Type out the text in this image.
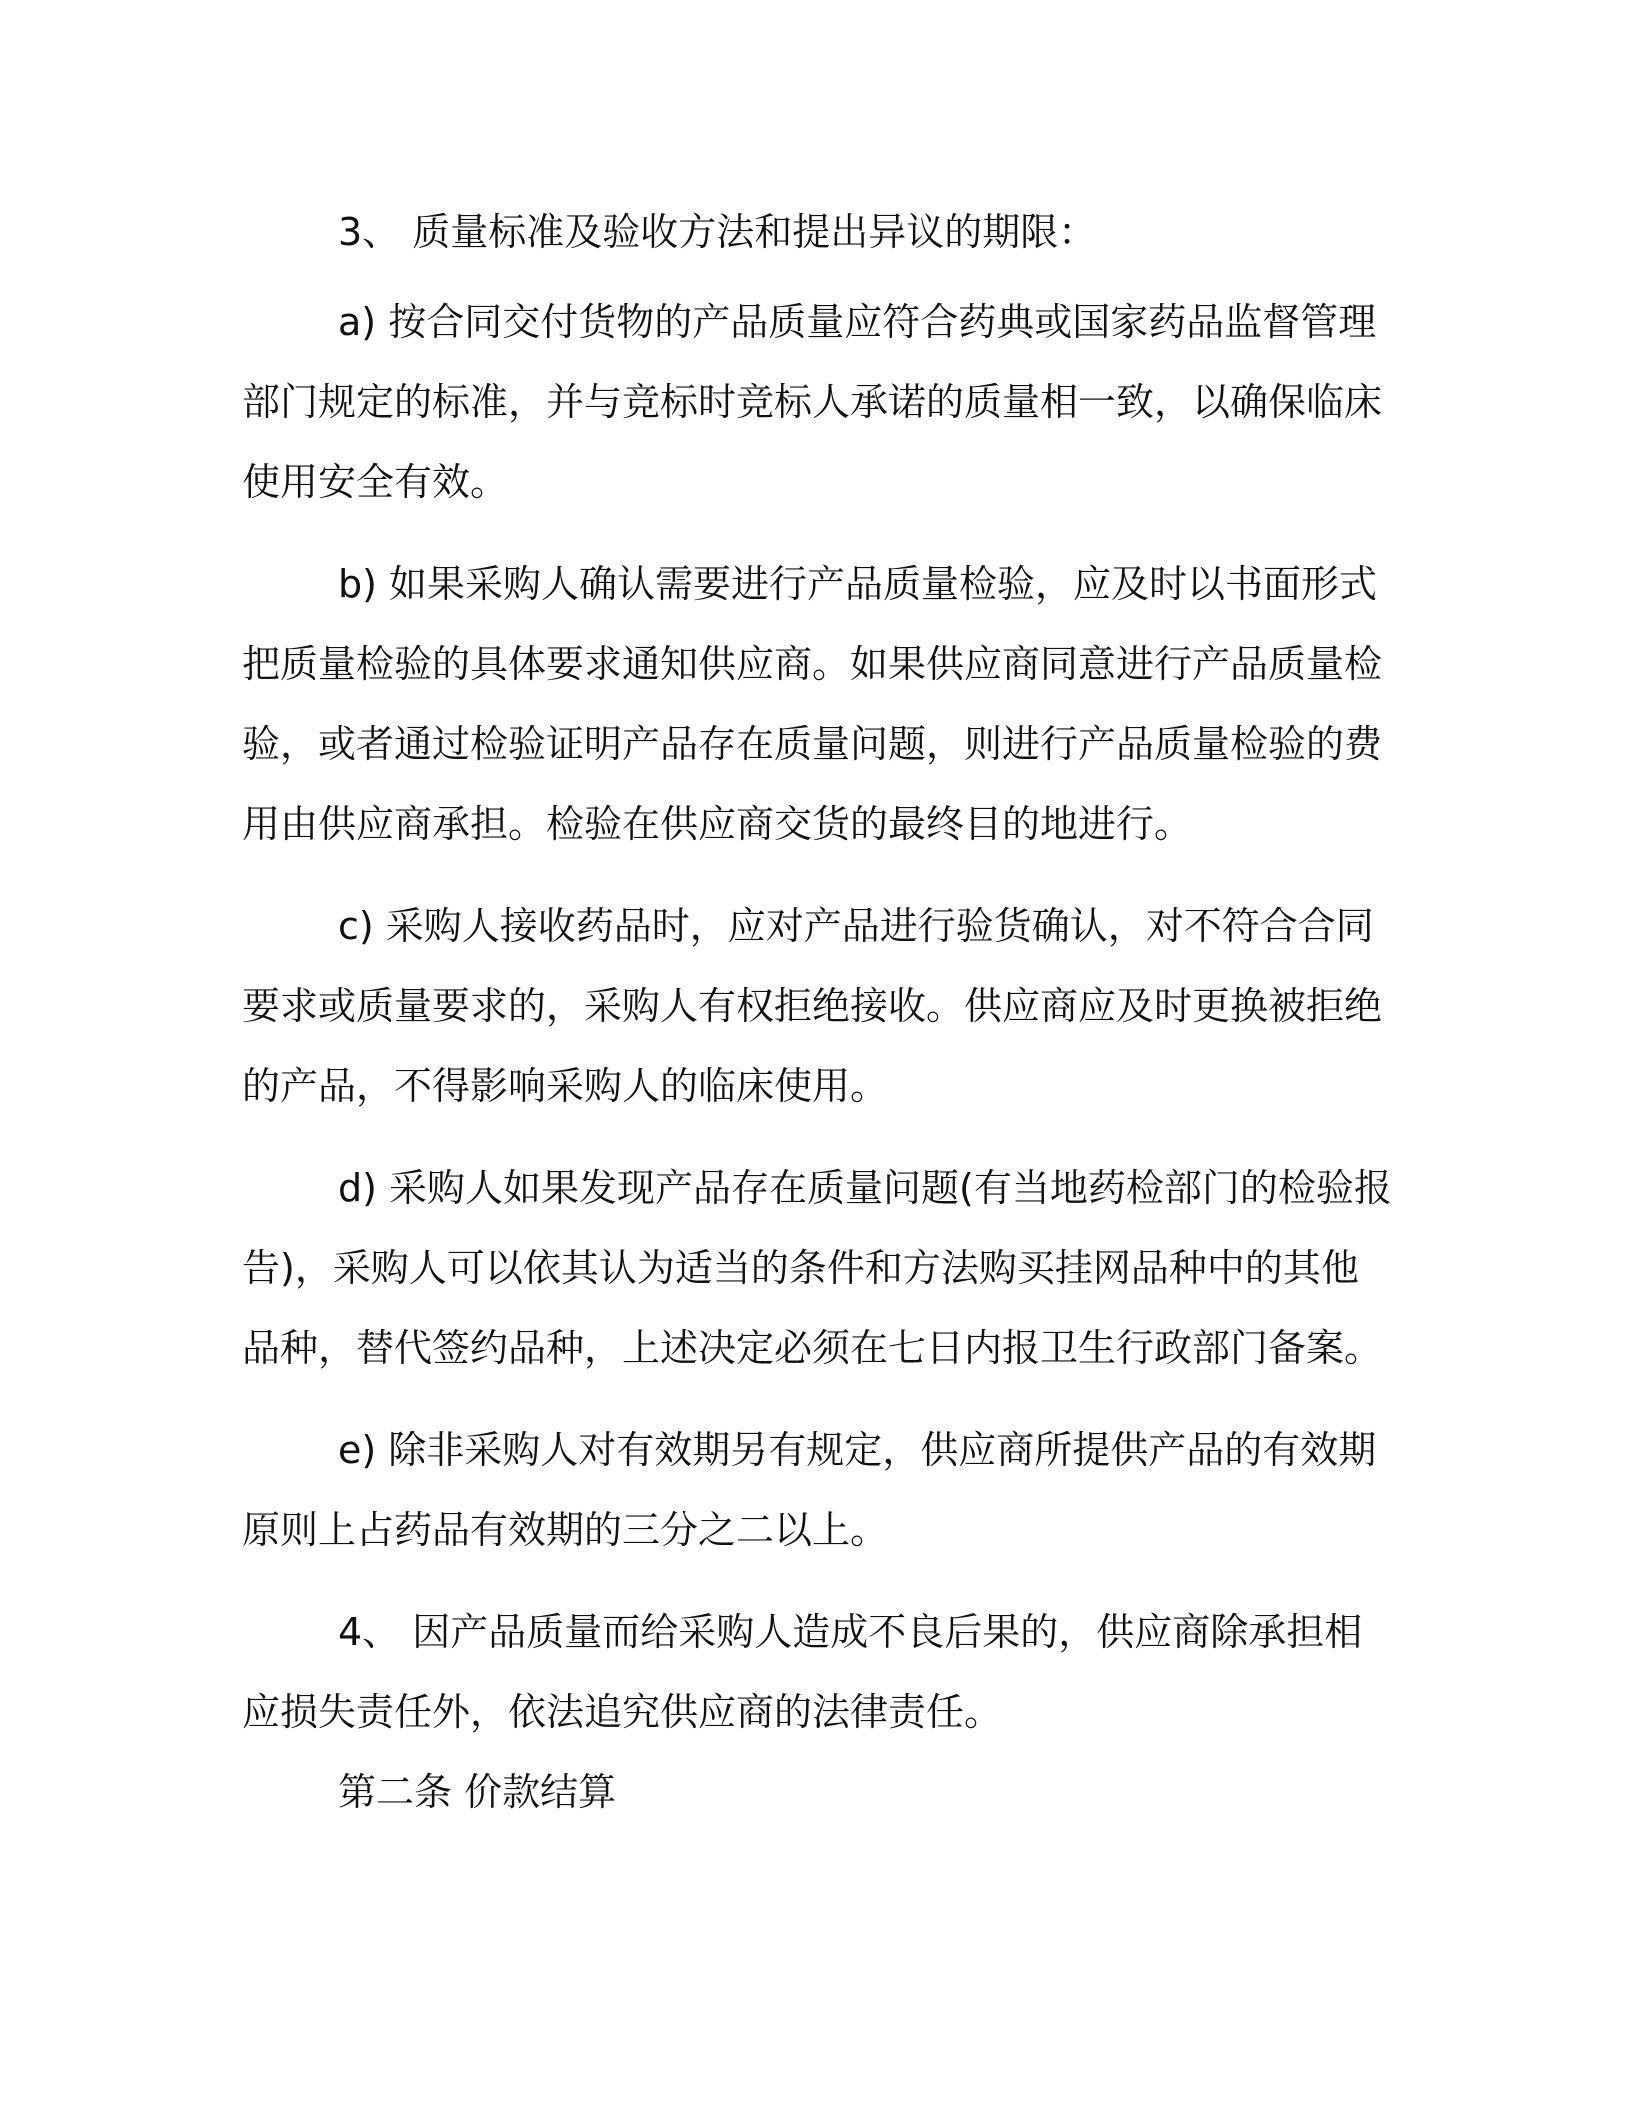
3、 质量标准及验收方法和提出异议的期限：

a) 按合同交付货物的产品质量应符合药典或国家药品监督管理部门规定的标准，并与竞标时竞标人承诺的质量相一致，以确保临床使用安全有效。

b) 如果采购人确认需要进行产品质量检验，应及时以书面形式把质量检验的具体要求通知供应商。如果供应商同意进行产品质量检验，或者通过检验证明产品存在质量问题，则进行产品质量检验的费用由供应商承担。检验在供应商交货的最终目的地进行。

c) 采购人接收药品时，应对产品进行验货确认，对不符合合同要求或质量要求的，采购人有权拒绝接收。供应商应及时更换被拒绝的产品，不得影响采购人的临床使用。

d) 采购人如果发现产品存在质量问题(有当地药检部门的检验报告)，采购人可以依其认为适当的条件和方法购买挂网品种中的其他品种，替代签约品种，上述决定必须在七日内报卫生行政部门备案。

e) 除非采购人对有效期另有规定，供应商所提供产品的有效期原则上占药品有效期的三分之二以上。

4、 因产品质量而给采购人造成不良后果的，供应商除承担相应损失责任外，依法追究供应商的法律责任。

第二条 价款结算
